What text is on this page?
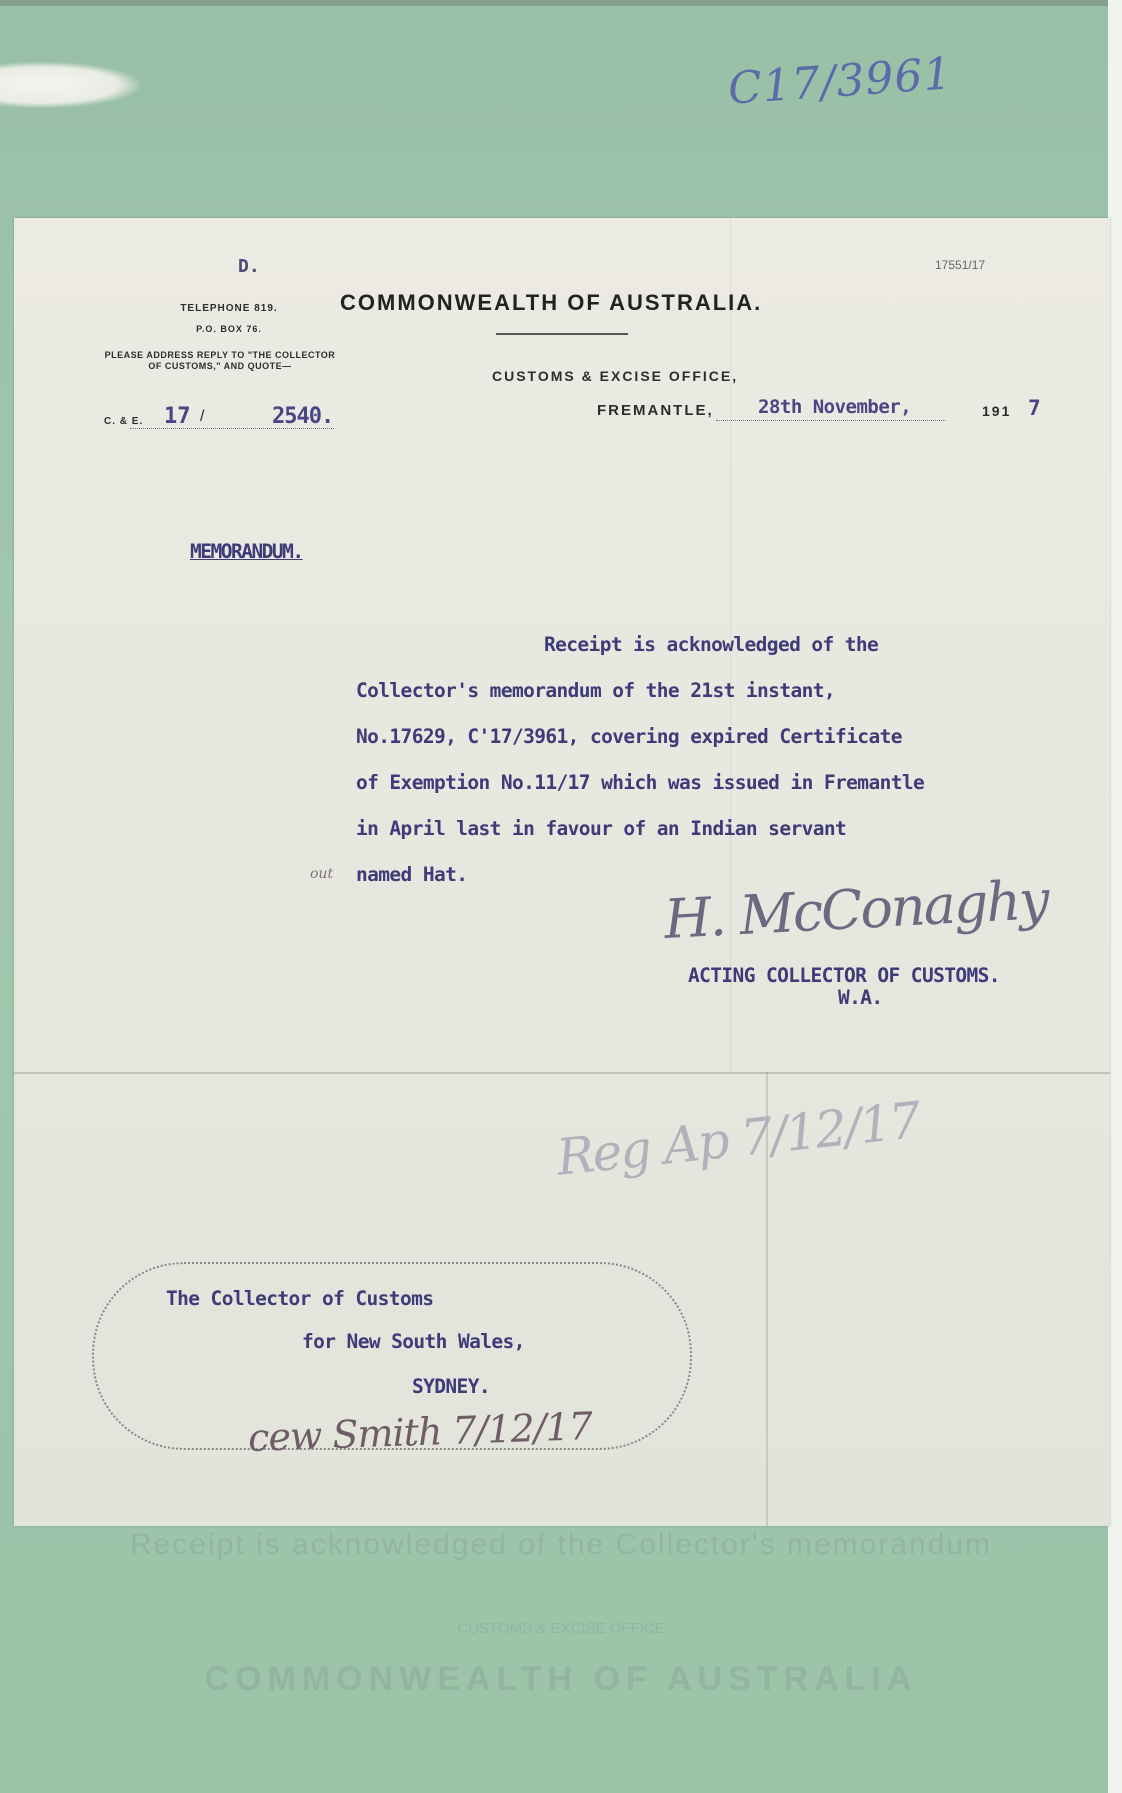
C17/3961
Receipt is acknowledged of the Collector's memorandum
CUSTOMS & EXCISE OFFICE
COMMONWEALTH OF AUSTRALIA
D.	17551/17
TELEPHONE 819.
P.O. BOX 76.
PLEASE ADDRESS REPLY TO "THE COLLECTOR OF CUSTOMS," AND QUOTE—
COMMONWEALTH OF AUSTRALIA.
CUSTOMS & EXCISE OFFICE,
FREMANTLE, 28th November,	191 7
C. & E. 17 /	2540.
MEMORANDUM.
Receipt is acknowledged of the
Collector's memorandum of the 21st instant,
No.17629, C'17/3961, covering expired Certificate
of Exemption No.11/17 which was issued in Fremantle
in April last in favour of an Indian servant
named Hat.
out	H. McConaghy
ACTING COLLECTOR OF CUSTOMS.
W.A.
Reg Ap 7/12/17
The Collector of Customs
for New South Wales,
SYDNEY.
cew Smith 7/12/17
